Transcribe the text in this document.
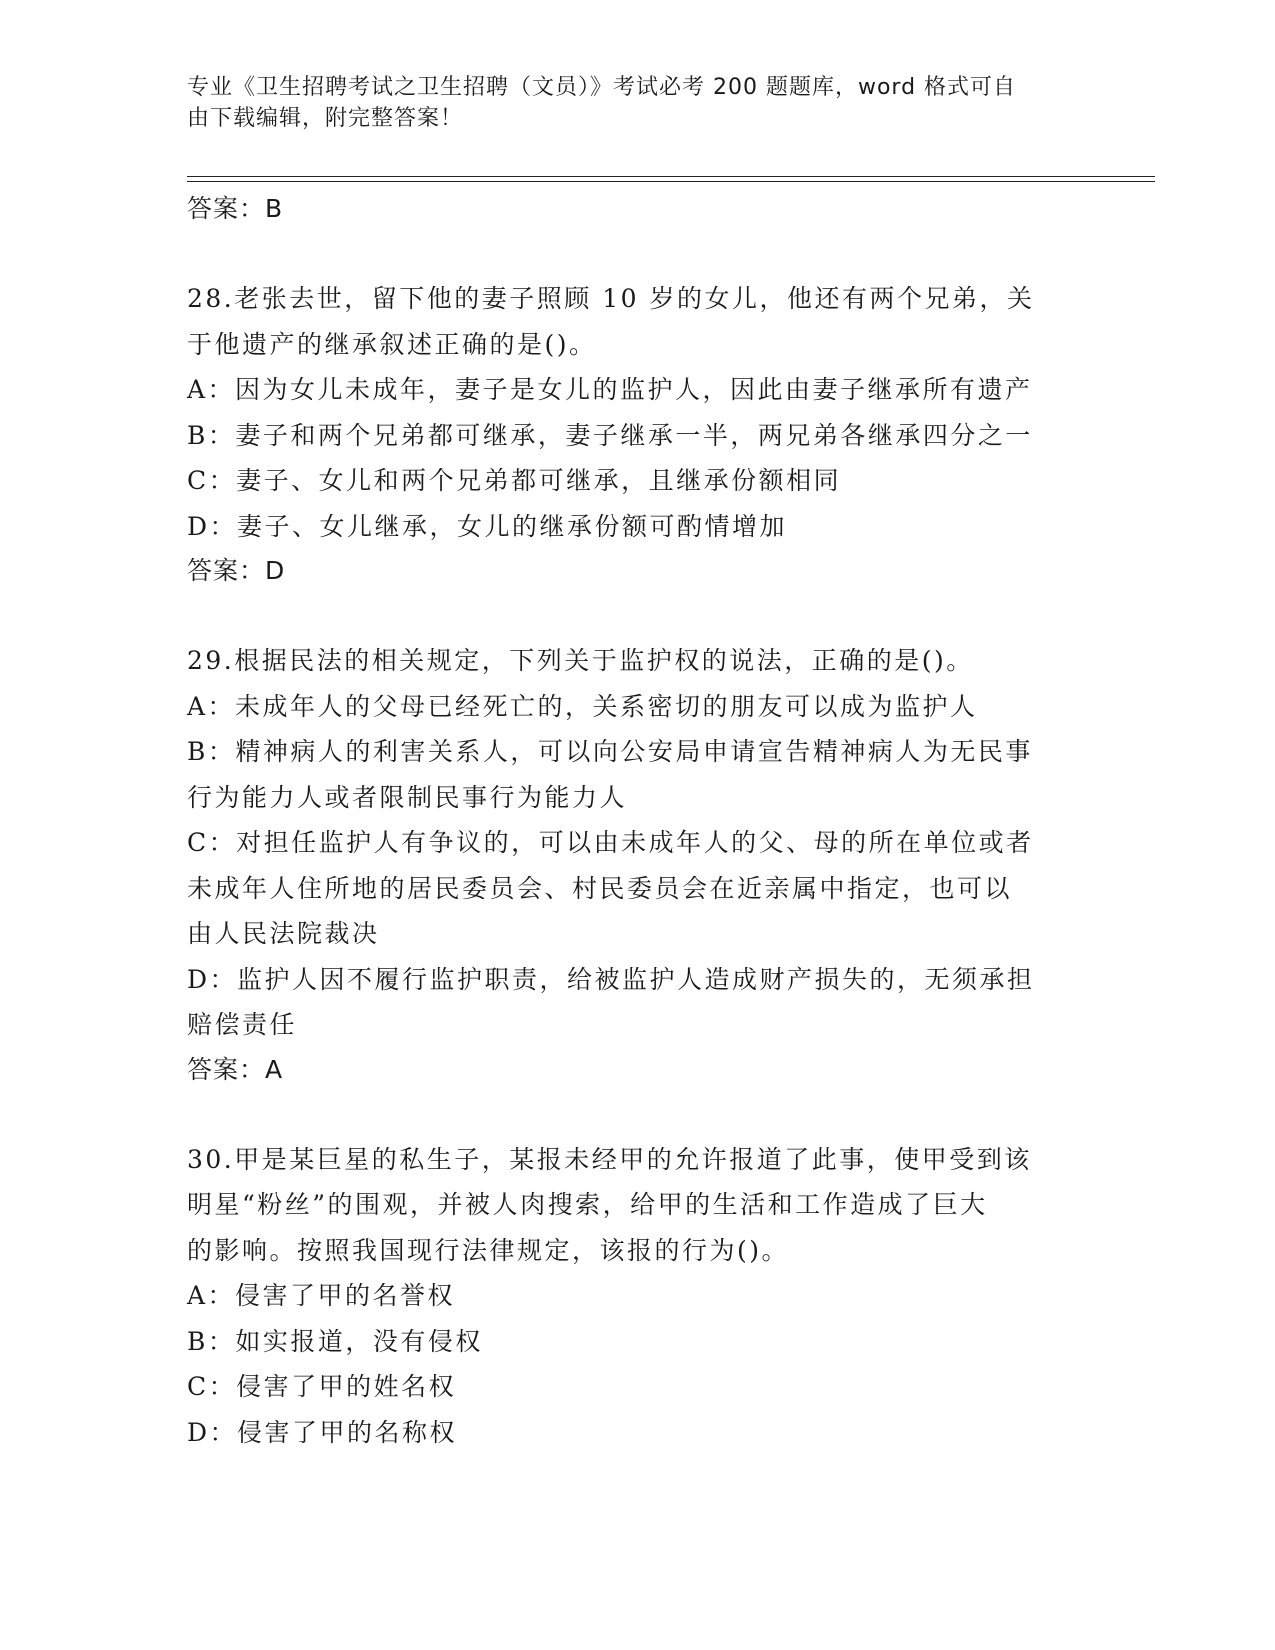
专业《卫生招聘考试之卫生招聘（文员）》考试必考 200 题题库，word 格式可自
由下载编辑，附完整答案！
答案：B
28.老张去世，留下他的妻子照顾 10 岁的女儿，他还有两个兄弟，关
于他遗产的继承叙述正确的是()。
A：因为女儿未成年，妻子是女儿的监护人，因此由妻子继承所有遗产
B：妻子和两个兄弟都可继承，妻子继承一半，两兄弟各继承四分之一
C：妻子、女儿和两个兄弟都可继承，且继承份额相同
D：妻子、女儿继承，女儿的继承份额可酌情增加
答案：D
29.根据民法的相关规定，下列关于监护权的说法，正确的是()。
A：未成年人的父母已经死亡的，关系密切的朋友可以成为监护人
B：精神病人的利害关系人，可以向公安局申请宣告精神病人为无民事
行为能力人或者限制民事行为能力人
C：对担任监护人有争议的，可以由未成年人的父、母的所在单位或者
未成年人住所地的居民委员会、村民委员会在近亲属中指定，也可以
由人民法院裁决
D：监护人因不履行监护职责，给被监护人造成财产损失的，无须承担
赔偿责任
答案：A
30.甲是某巨星的私生子，某报未经甲的允许报道了此事，使甲受到该
明星“粉丝”的围观，并被人肉搜索，给甲的生活和工作造成了巨大
的影响。按照我国现行法律规定，该报的行为()。
A：侵害了甲的名誉权
B：如实报道，没有侵权
C：侵害了甲的姓名权
D：侵害了甲的名称权
